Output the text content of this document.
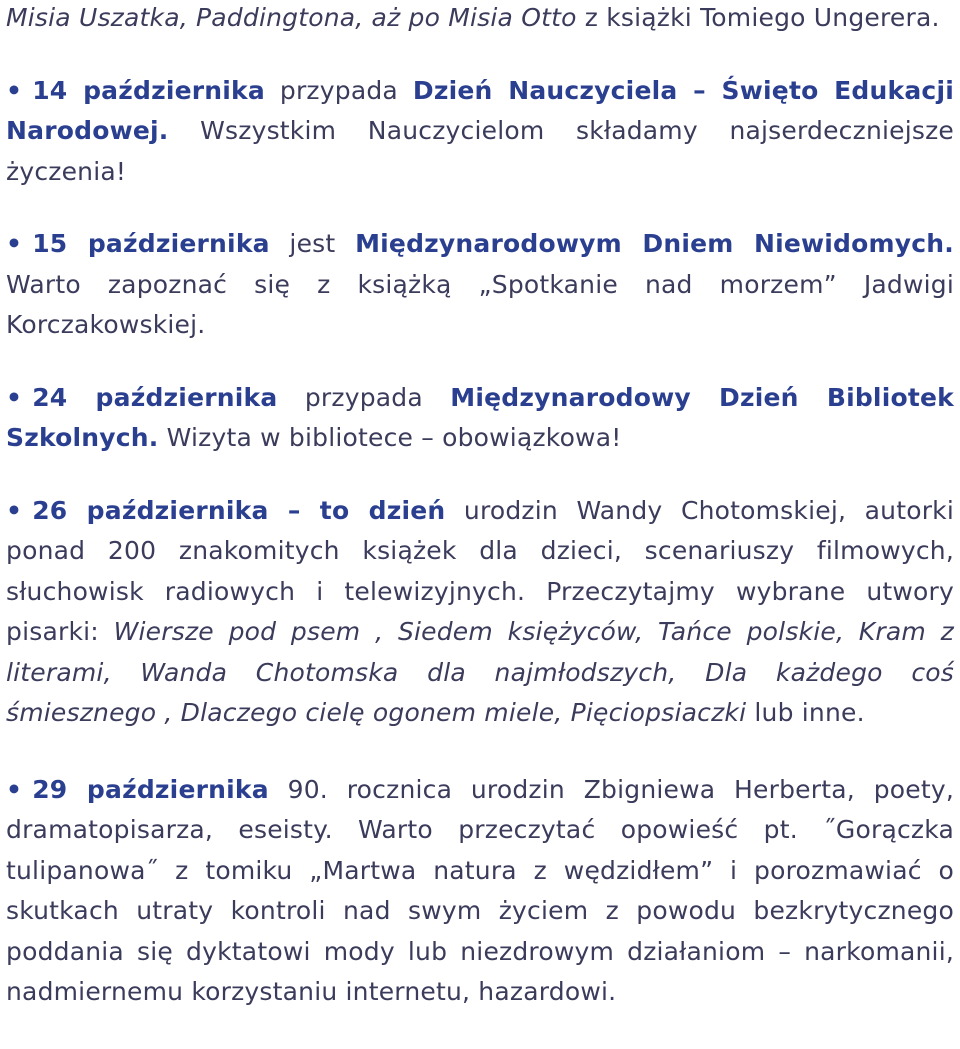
Misia Uszatka, Paddingtona, aż po Misia Otto z książki Tomiego Ungerera.

• 14 października przypada Dzień Nauczyciela – Święto Edukacji Narodowej. Wszystkim Nauczycielom składamy najserdeczniejsze życzenia!

• 15 października jest Międzynarodowym Dniem Niewidomych. Warto zapoznać się z książką „Spotkanie nad morzem” Jadwigi Korczakowskiej.

• 24 października przypada Międzynarodowy Dzień Bibliotek Szkolnych. Wizyta w bibliotece – obowiązkowa!

• 26 października – to dzień urodzin Wandy Chotomskiej, autorki ponad 200 znakomitych książek dla dzieci, scenariuszy filmowych, słuchowisk radiowych i telewizyjnych. Przeczytajmy wybrane utwory pisarki: Wiersze pod psem , Siedem księżyców, Tańce polskie, Kram z literami, Wanda Chotomska dla najmłodszych, Dla każdego coś śmiesznego , Dlaczego cielę ogonem miele, Pięciopsiaczki lub inne.

• 29 października 90. rocznica urodzin Zbigniewa Herberta, poety, dramatopisarza, eseisty. Warto przeczytać opowieść pt. ˝Gorączka tulipanowa˝ z tomiku „Martwa natura z wędzidłem” i porozmawiać o skutkach utraty kontroli nad swym życiem z powodu bezkrytycznego poddania się dyktatowi mody lub niezdrowym działaniom – narkomanii, nadmiernemu korzystaniu internetu, hazardowi.
